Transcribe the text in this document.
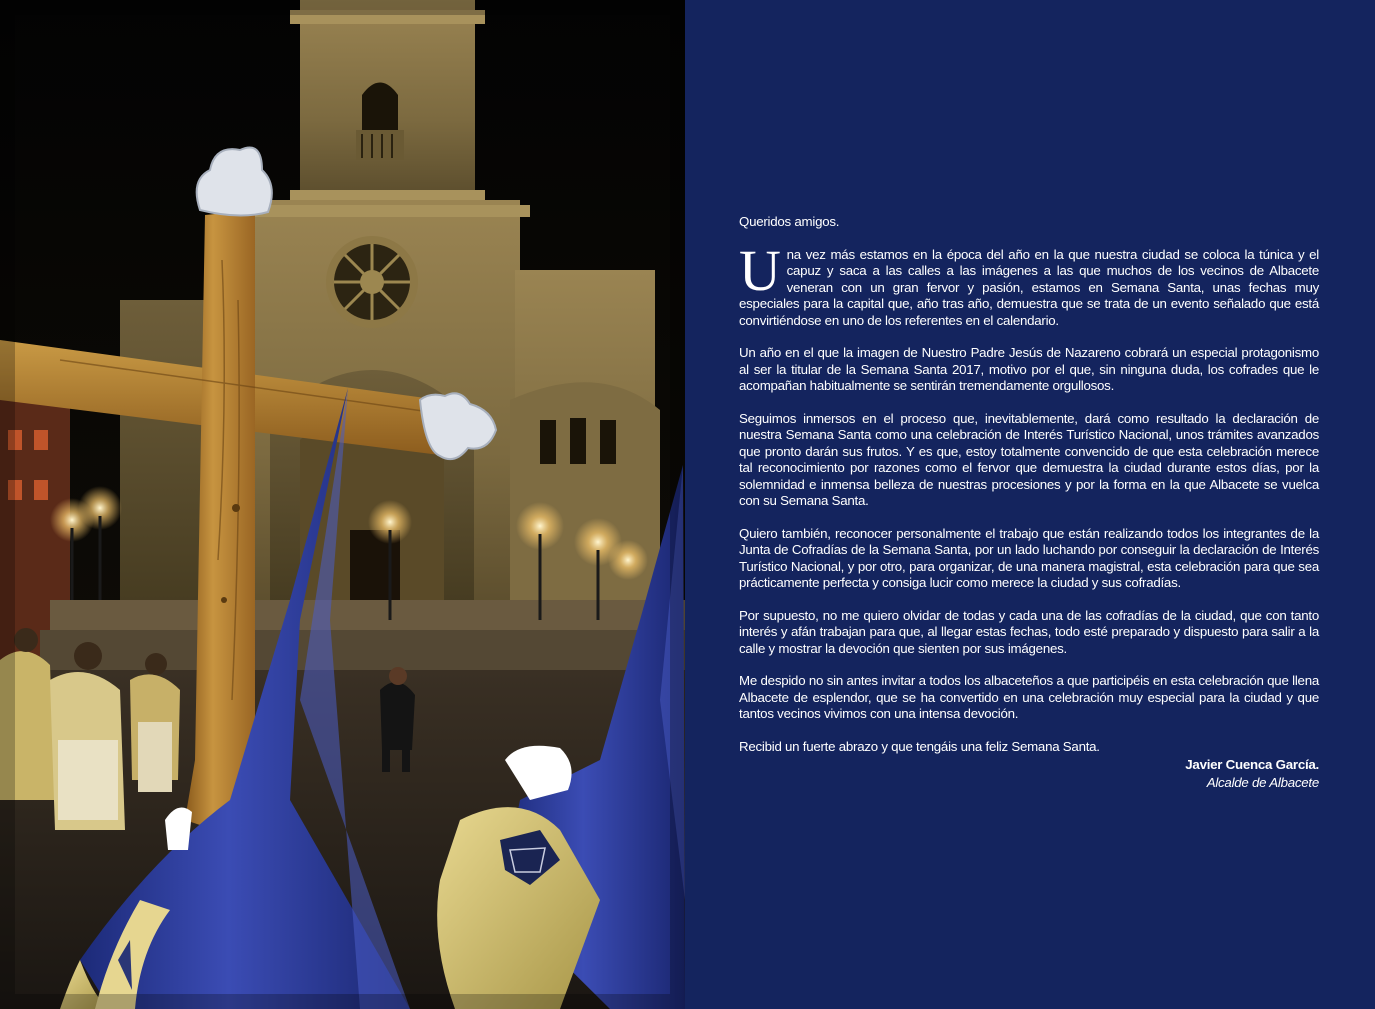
Queridos amigos.

Una vez más estamos en la época del año en la que nuestra ciudad se coloca la túnica y el capuz y saca a las calles a las imágenes a las que muchos de los vecinos de Albacete veneran con un gran fervor y pasión, estamos en Semana Santa, unas fechas muy especiales para la capital que, año tras año, demuestra que se trata de un evento señalado que está convirtiéndose en uno de los referentes en el calendario.

Un año en el que la imagen de Nuestro Padre Jesús de Nazareno cobrará un especial protagonismo al ser la titular de la Semana Santa 2017, motivo por el que, sin ninguna duda, los cofrades que le acompañan habitualmente se sentirán tremendamente orgullosos.

Seguimos inmersos en el proceso que, inevitablemente, dará como resultado la declaración de nuestra Semana Santa como una celebración de Interés Turístico Nacional, unos trámites avanzados que pronto darán sus frutos. Y es que, estoy totalmente convencido de que esta celebración merece tal reconocimiento por razones como el fervor que demuestra la ciudad durante estos días, por la solemnidad e inmensa belleza de nuestras procesiones y por la forma en la que Albacete se vuelca con su Semana Santa.

Quiero también, reconocer personalmente el trabajo que están realizando todos los integrantes de la Junta de Cofradías de la Semana Santa, por un lado luchando por conseguir la declaración de Interés Turístico Nacional, y por otro, para organizar, de una manera magistral, esta celebración para que sea prácticamente perfecta y consiga lucir como merece la ciudad y sus cofradías.

Por supuesto, no me quiero olvidar de todas y cada una de las cofradías de la ciudad, que con tanto interés y afán trabajan para que, al llegar estas fechas, todo esté preparado y dispuesto para salir a la calle y mostrar la devoción que sienten por sus imágenes.

Me despido no sin antes invitar a todos los albaceteños a que participéis en esta celebración que llena Albacete de esplendor, que se ha convertido en una celebración muy especial para la ciudad y que tantos vecinos vivimos con una intensa devoción.

Recibid un fuerte abrazo y que tengáis una feliz Semana Santa.

Javier Cuenca García.

Alcalde de Albacete
